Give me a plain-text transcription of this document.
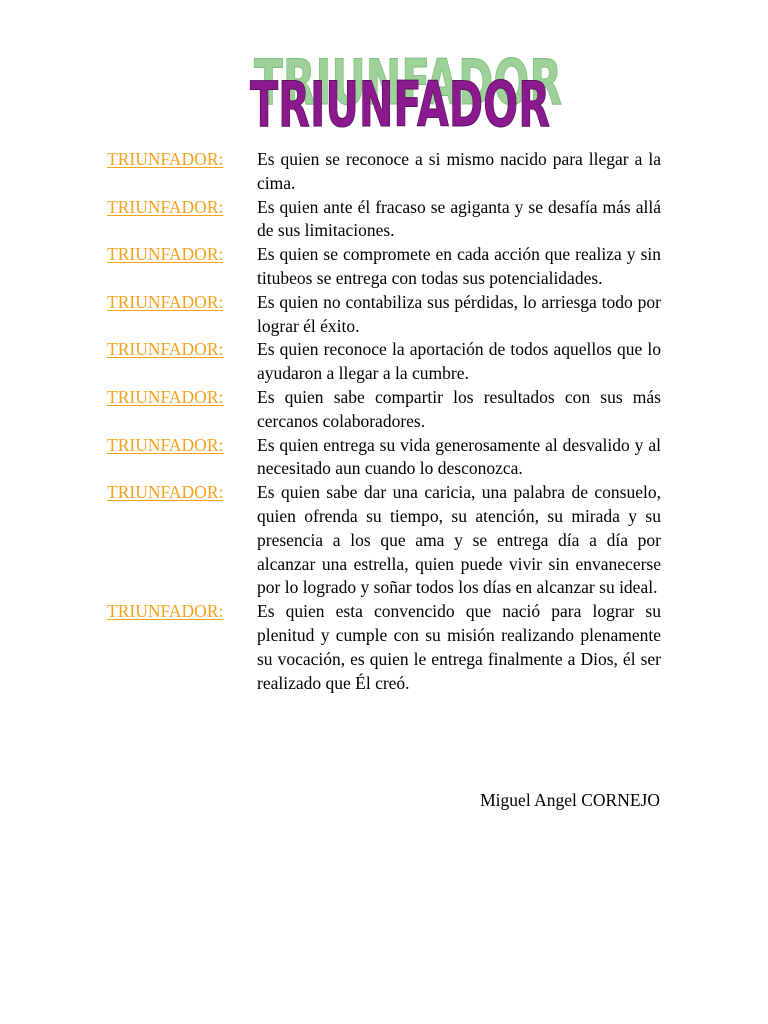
TRIUNFADOR
TRIUNFADOR
TRIUNFADOR:	Es quien se reconoce a si mismo nacido para llegar a la cima.
TRIUNFADOR:	Es quien ante él fracaso se agiganta y se desafía más allá de sus limitaciones.
TRIUNFADOR:	Es quien se compromete en cada acción que realiza y sin titubeos se entrega con todas sus potencialidades.
TRIUNFADOR:	Es quien no contabiliza sus pérdidas, lo arriesga todo por lograr él éxito.
TRIUNFADOR:	Es quien reconoce la aportación de todos aquellos que lo ayudaron a llegar a la cumbre.
TRIUNFADOR:	Es quien sabe compartir los resultados con sus más cercanos colaboradores.
TRIUNFADOR:	Es quien entrega su vida generosamente al desvalido y al necesitado aun cuando lo desconozca.
TRIUNFADOR:	Es quien sabe dar una caricia, una palabra de consuelo, quien ofrenda su tiempo, su atención, su mirada y su presencia a los que ama y se entrega día a día por alcanzar una estrella, quien puede vivir sin envanecerse por lo logrado y soñar todos los días en alcanzar su ideal.
TRIUNFADOR:	Es quien esta convencido que nació para lograr su plenitud y cumple con su misión realizando plenamente su vocación, es quien le entrega finalmente a Dios, él ser realizado que Él creó.
Miguel Angel CORNEJO
